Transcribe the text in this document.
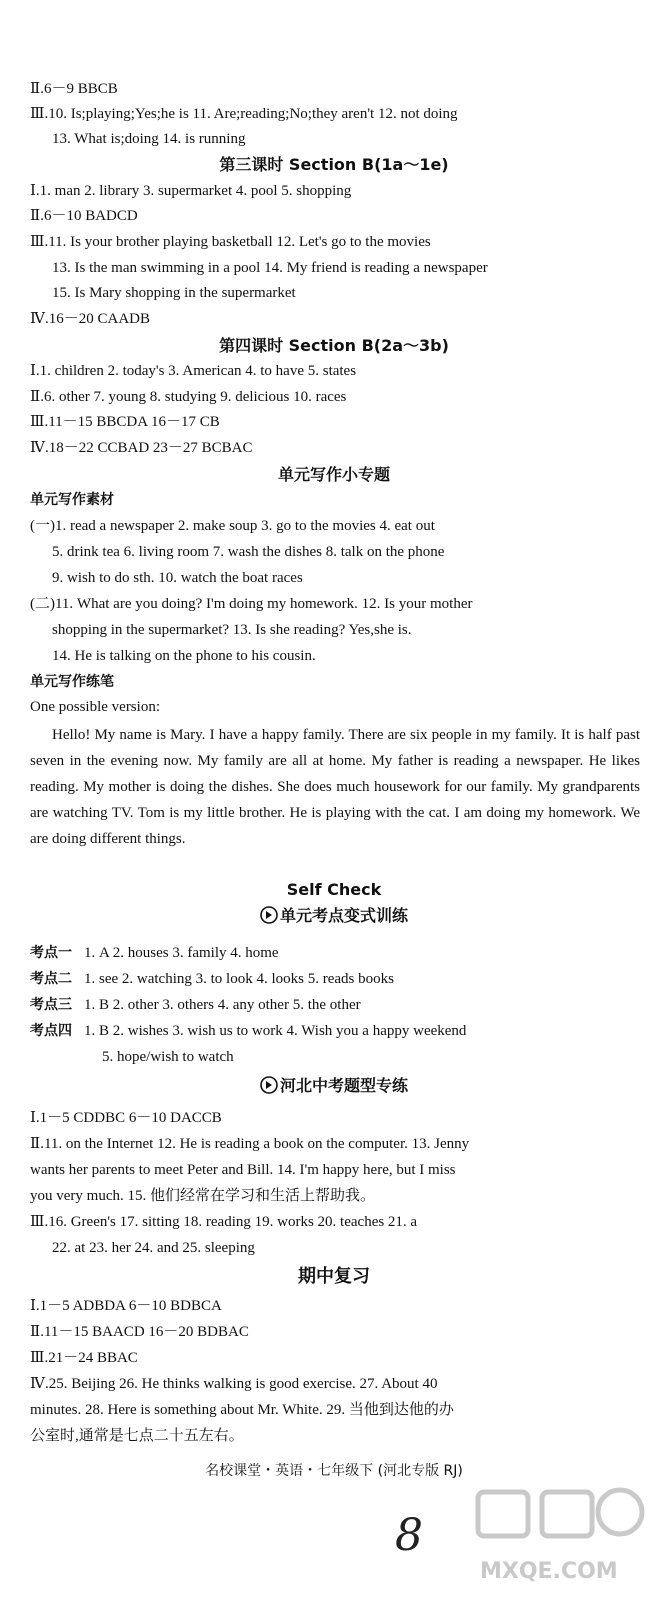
Ⅱ.6－9 BBCB
Ⅲ.10. Is;playing;Yes;he is 11. Are;reading;No;they aren't 12. not doing
13. What is;doing 14. is running
第三课时 Section B(1a～1e)
Ⅰ.1. man 2. library 3. supermarket 4. pool 5. shopping
Ⅱ.6－10 BADCD
Ⅲ.11. Is your brother playing basketball 12. Let's go to the movies
13. Is the man swimming in a pool 14. My friend is reading a newspaper
15. Is Mary shopping in the supermarket
Ⅳ.16－20 CAADB
第四课时 Section B(2a～3b)
Ⅰ.1. children 2. today's 3. American 4. to have 5. states
Ⅱ.6. other 7. young 8. studying 9. delicious 10. races
Ⅲ.11－15 BBCDA 16－17 CB
Ⅳ.18－22 CCBAD 23－27 BCBAC
单元写作小专题
单元写作素材
(一)1. read a newspaper 2. make soup 3. go to the movies 4. eat out
5. drink tea 6. living room 7. wash the dishes 8. talk on the phone
9. wish to do sth. 10. watch the boat races
(二)11. What are you doing? I'm doing my homework. 12. Is your mother
shopping in the supermarket? 13. Is she reading? Yes,she is.
14. He is talking on the phone to his cousin.
单元写作练笔
One possible version:
Hello! My name is Mary. I have a happy family. There are six people in my family. It is half past seven in the evening now. My family are all at home. My father is reading a newspaper. He likes reading. My mother is doing the dishes. She does much housework for our family. My grandparents are watching TV. Tom is my little brother. He is playing with the cat. I am doing my homework. We are doing different things.
Self Check
单元考点变式训练
考点一 1. A 2. houses 3. family 4. home
考点二 1. see 2. watching 3. to look 4. looks 5. reads books
考点三 1. B 2. other 3. others 4. any other 5. the other
考点四 1. B 2. wishes 3. wish us to work 4. Wish you a happy weekend
5. hope/wish to watch
河北中考题型专练
Ⅰ.1－5 CDDBC 6－10 DACCB
Ⅱ.11. on the Internet 12. He is reading a book on the computer. 13. Jenny
wants her parents to meet Peter and Bill. 14. I'm happy here, but I miss
you very much. 15. 他们经常在学习和生活上帮助我。
Ⅲ.16. Green's 17. sitting 18. reading 19. works 20. teaches 21. a
22. at 23. her 24. and 25. sleeping
期中复习
Ⅰ.1－5 ADBDA 6－10 BDBCA
Ⅱ.11－15 BAACD 16－20 BDBAC
Ⅲ.21－24 BBAC
Ⅳ.25. Beijing 26. He thinks walking is good exercise. 27. About 40
minutes. 28. Here is something about Mr. White. 29. 当他到达他的办
公室时,通常是七点二十五左右。
名校课堂・英语・七年级下 (河北专版 RJ)
8
MXQE.COM
